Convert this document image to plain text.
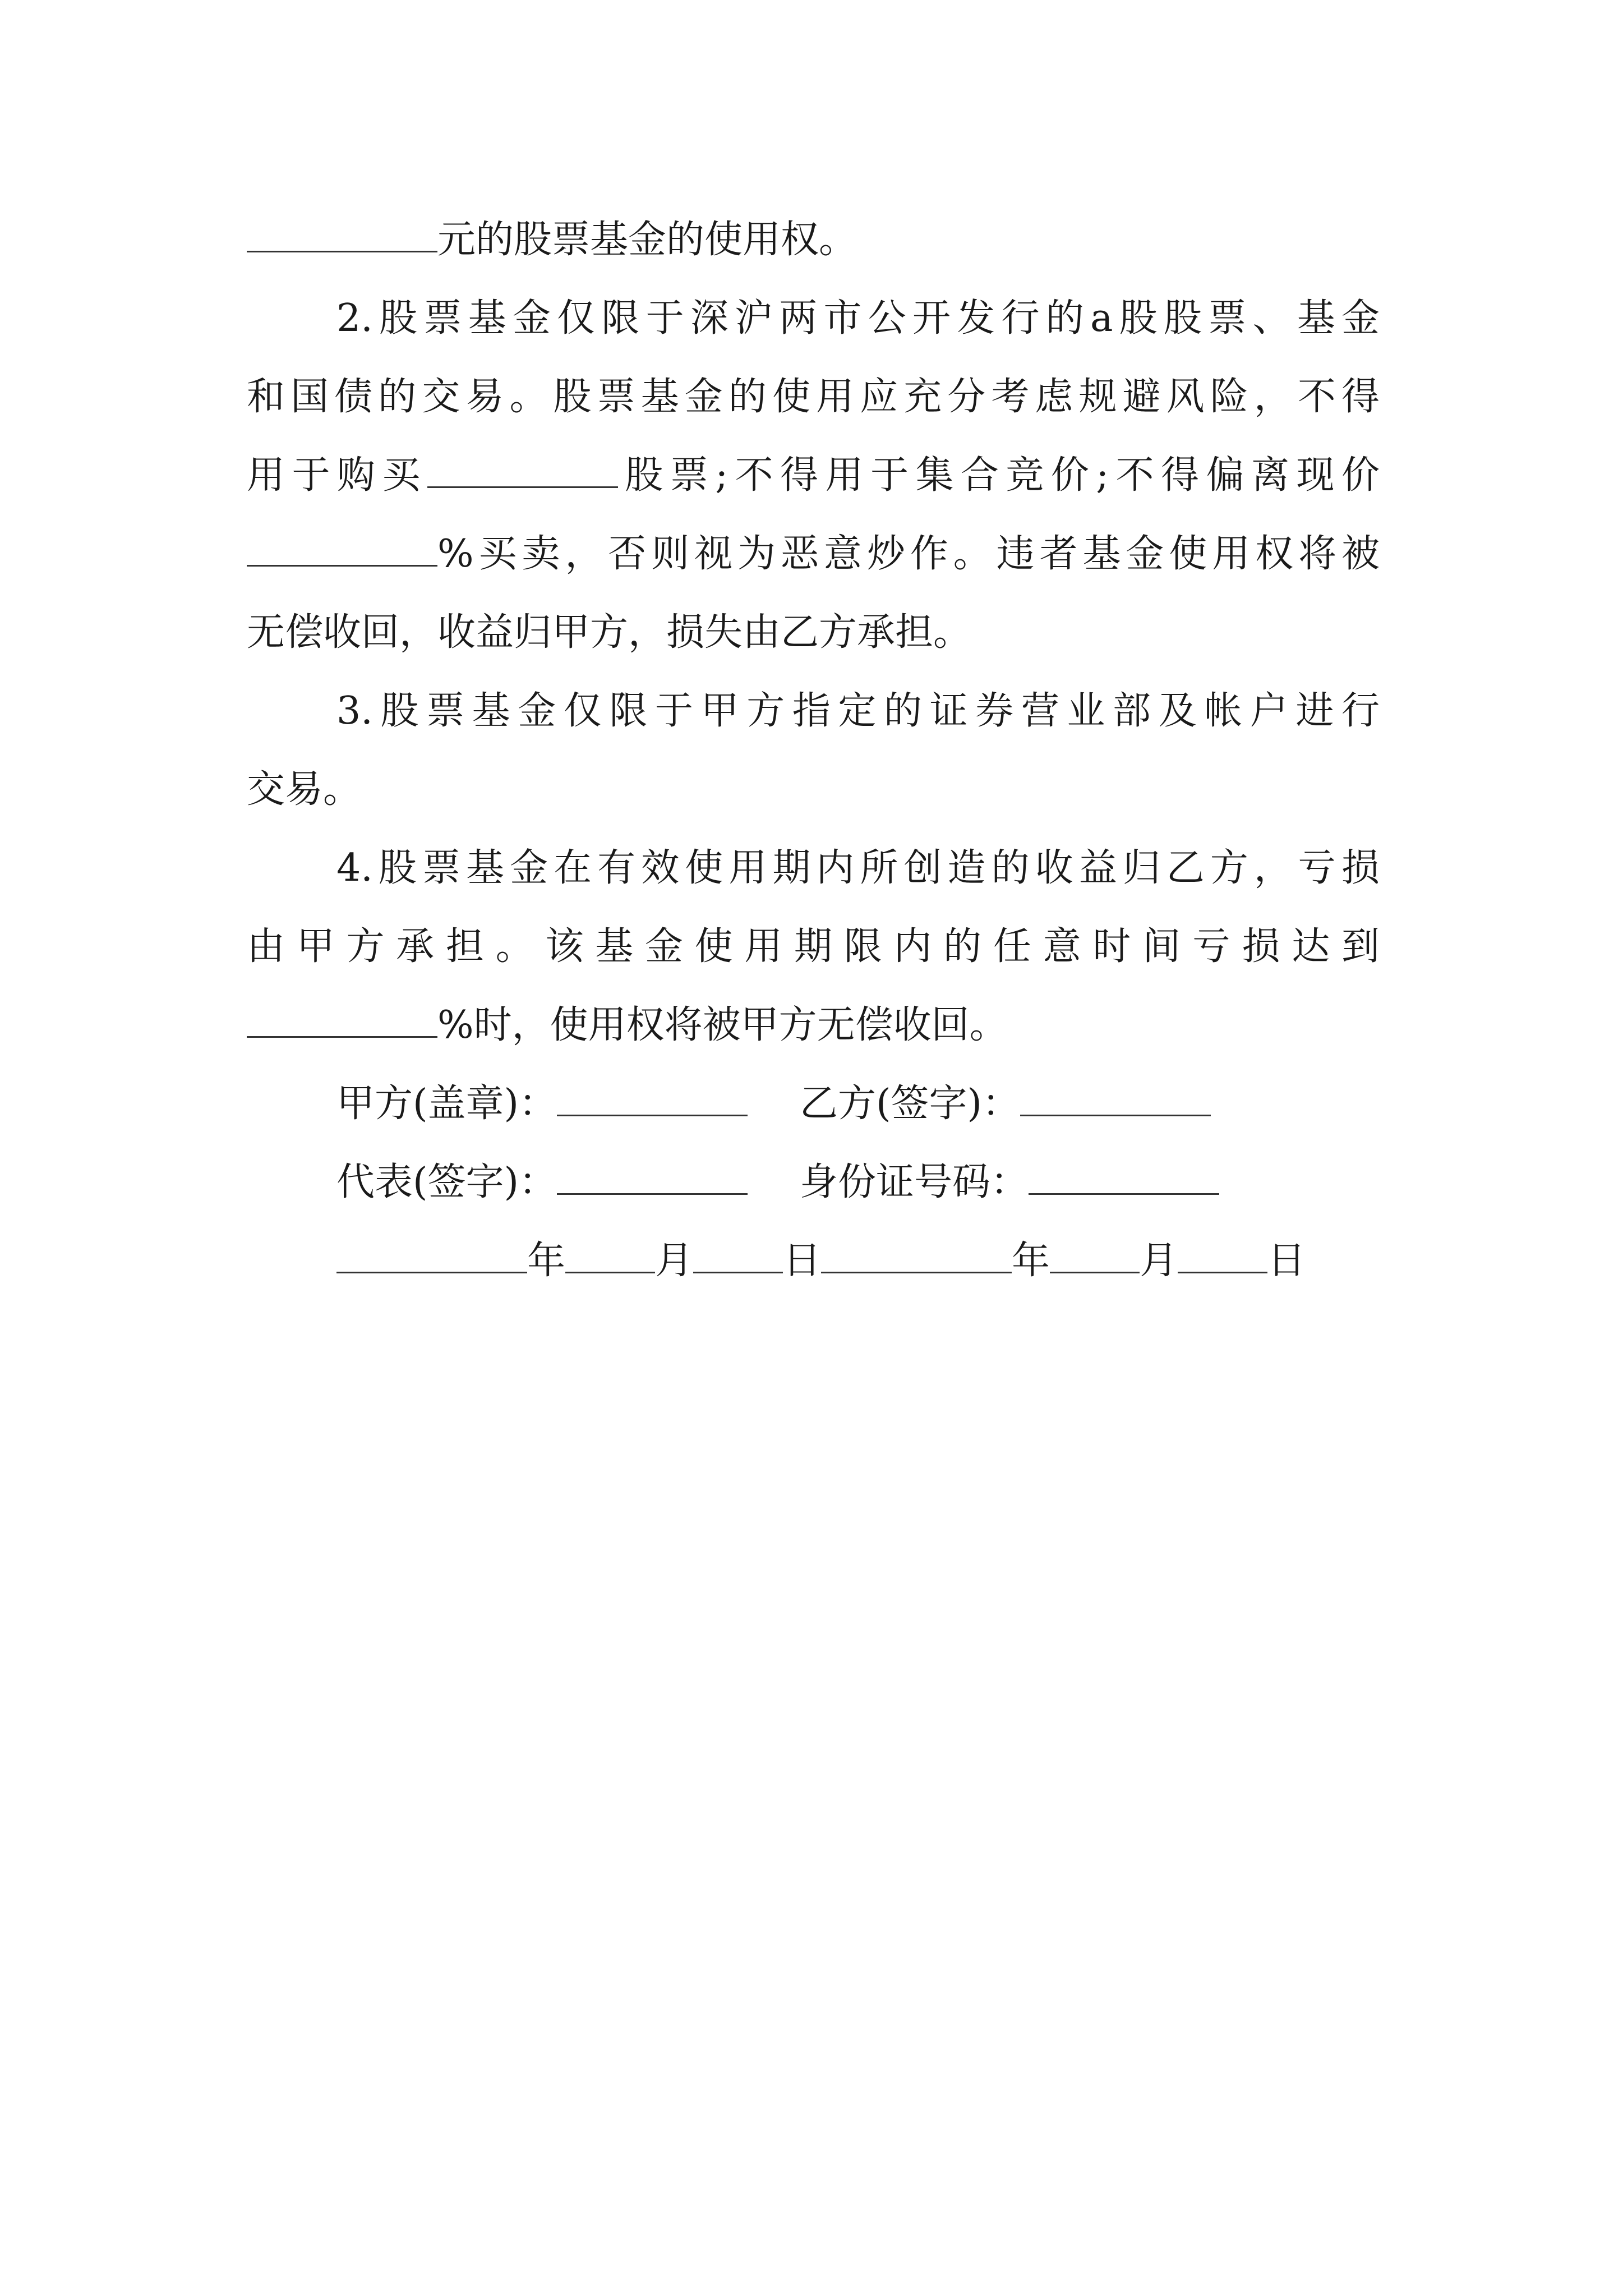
元的股票基金的使用权。
2.股票基金仅限于深沪两市公开发行的a股股票、基金
和国债的交易。股票基金的使用应充分考虑规避风险，不得
用于购买	股票;不得用于集合竞价;不得偏离现价
%买卖，否则视为恶意炒作。违者基金使用权将被
无偿收回，收益归甲方，损失由乙方承担。
3.股票基金仅限于甲方指定的证券营业部及帐户进行
交易。
4.股票基金在有效使用期内所创造的收益归乙方，亏损
由甲方承担。该基金使用期限内的任意时间亏损达到
%时，使用权将被甲方无偿收回。
甲方(盖章)：	乙方(签字)：
代表(签字)：	身份证号码：
年 月 日	年 月 日
